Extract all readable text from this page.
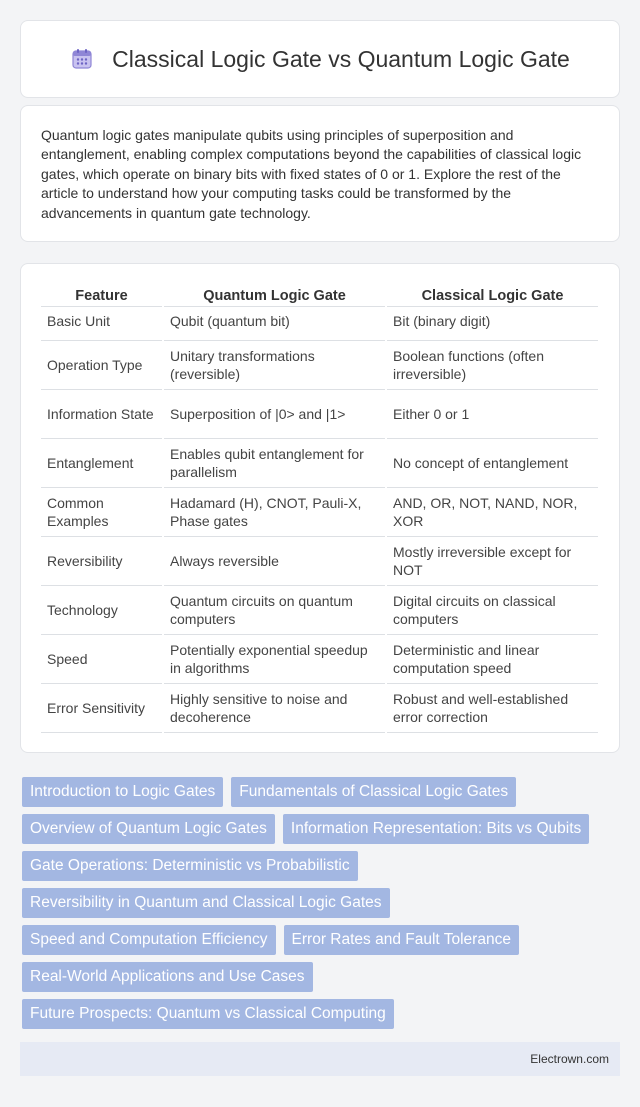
Classical Logic Gate vs Quantum Logic Gate

Quantum logic gates manipulate qubits using principles of superposition and entanglement, enabling complex computations beyond the capabilities of classical logic gates, which operate on binary bits with fixed states of 0 or 1. Explore the rest of the article to understand how your computing tasks could be transformed by the advancements in quantum gate technology.

Feature	Quantum Logic Gate	Classical Logic Gate
Basic Unit	Qubit (quantum bit)	Bit (binary digit)
Operation Type	Unitary transformations (reversible)	Boolean functions (often irreversible)
Information State	Superposition of |0> and |1>	Either 0 or 1
Entanglement	Enables qubit entanglement for parallelism	No concept of entanglement
Common Examples	Hadamard (H), CNOT, Pauli-X, Phase gates	AND, OR, NOT, NAND, NOR, XOR
Reversibility	Always reversible	Mostly irreversible except for NOT
Technology	Quantum circuits on quantum computers	Digital circuits on classical computers
Speed	Potentially exponential speedup in algorithms	Deterministic and linear computation speed
Error Sensitivity	Highly sensitive to noise and decoherence	Robust and well-established error correction
Introduction to Logic Gates	Fundamentals of Classical Logic Gates
Overview of Quantum Logic Gates	Information Representation: Bits vs Qubits
Gate Operations: Deterministic vs Probabilistic
Reversibility in Quantum and Classical Logic Gates
Speed and Computation Efficiency	Error Rates and Fault Tolerance
Real-World Applications and Use Cases
Future Prospects: Quantum vs Classical Computing
Electrown.com
